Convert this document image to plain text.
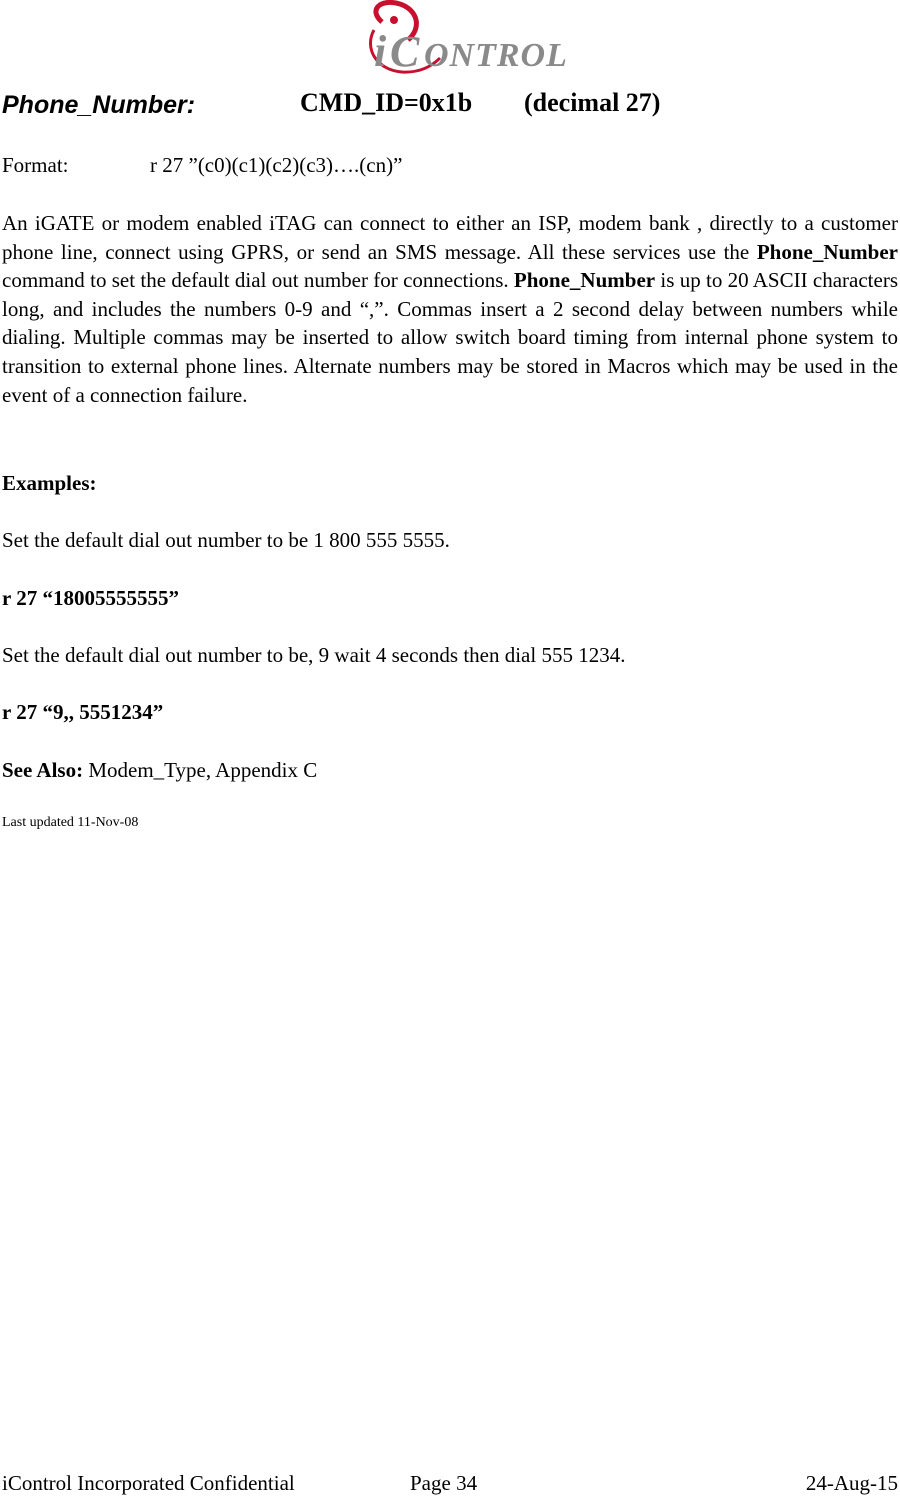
i C ONTROL
Phone_Number:	CMD_ID=0x1b (decimal 27)
Format:	r 27 ”(c0)(c1)(c2)(c3)….(cn)”
An iGATE or modem enabled iTAG can connect to either an ISP, modem bank , directly to a customer phone line, connect using GPRS, or send an SMS message. All these services use the Phone_Number command to set the default dial out number for connections. Phone_Number is up to 20 ASCII characters long, and includes the numbers 0-9 and “,”. Commas insert a 2 second delay between numbers while dialing. Multiple commas may be inserted to allow switch board timing from internal phone system to transition to external phone lines. Alternate numbers may be stored in Macros which may be used in the event of a connection failure.
Examples:
Set the default dial out number to be 1 800 555 5555.
r 27 “18005555555”
Set the default dial out number to be, 9 wait 4 seconds then dial 555 1234.
r 27 “9,, 5551234”
See Also: Modem_Type, Appendix C
Last updated 11-Nov-08
iControl Incorporated Confidential	Page 34	24-Aug-15
